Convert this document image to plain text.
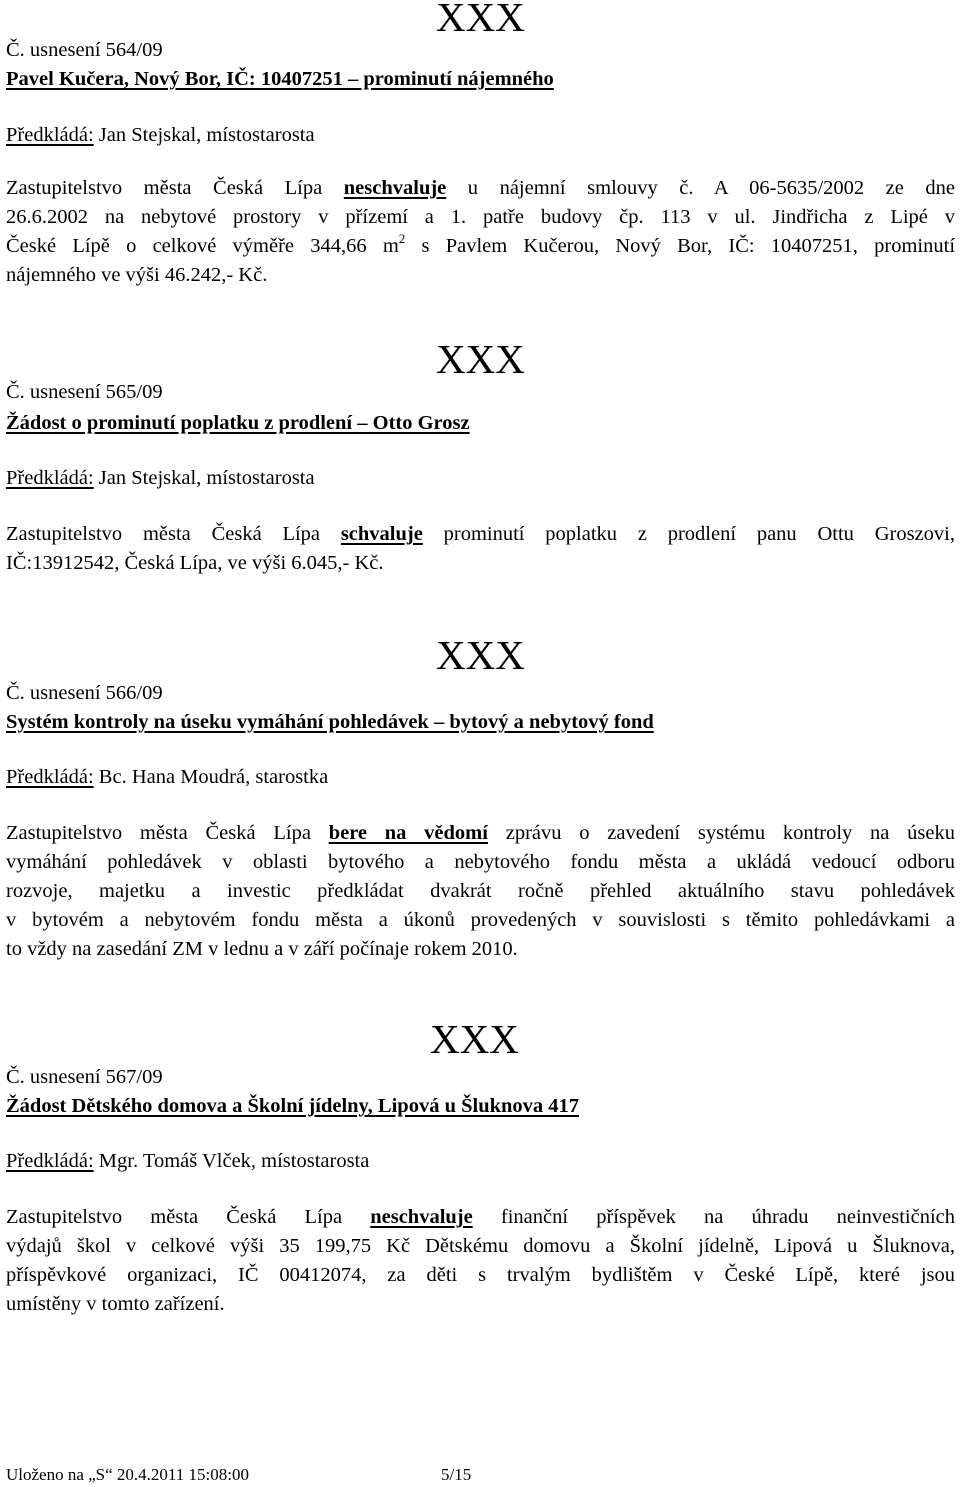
XXX
Č. usnesení 564/09
Pavel Kučera, Nový Bor, IČ: 10407251 – prominutí nájemného
Předkládá: Jan Stejskal, místostarosta
Zastupitelstvo města Česká Lípa neschvaluje u nájemní smlouvy č. A 06-5635/2002 ze dne
26.6.2002 na nebytové prostory v přízemí a 1. patře budovy čp. 113 v ul. Jindřicha z Lipé v
České Lípě o celkové výměře 344,66 $m^2$ s Pavlem Kučerou, Nový Bor, IČ: 10407251, prominutí
nájemného ve výši 46.242,- Kč.
XXX
Č. usnesení 565/09
Žádost o prominutí poplatku z prodlení – Otto Grosz
Předkládá: Jan Stejskal, místostarosta
Zastupitelstvo města Česká Lípa schvaluje prominutí poplatku z prodlení panu Ottu Groszovi,
IČ:13912542, Česká Lípa, ve výši 6.045,- Kč.
XXX
Č. usnesení 566/09
Systém kontroly na úseku vymáhání pohledávek – bytový a nebytový fond
Předkládá: Bc. Hana Moudrá, starostka
Zastupitelstvo města Česká Lípa bere na vědomí zprávu o zavedení systému kontroly na úseku
vymáhání pohledávek v oblasti bytového a nebytového fondu města a ukládá vedoucí odboru
rozvoje, majetku a investic předkládat dvakrát ročně přehled aktuálního stavu pohledávek
v bytovém a nebytovém fondu města a úkonů provedených v souvislosti s těmito pohledávkami a
to vždy na zasedání ZM v lednu a v září počínaje rokem 2010.
XXX
Č. usnesení 567/09
Žádost Dětského domova a Školní jídelny, Lipová u Šluknova 417
Předkládá: Mgr. Tomáš Vlček, místostarosta
Zastupitelstvo města Česká Lípa neschvaluje finanční příspěvek na úhradu neinvestičních
výdajů škol v celkové výši 35 199,75 Kč Dětskému domovu a Školní jídelně, Lipová u Šluknova,
příspěvkové organizaci, IČ 00412074, za děti s trvalým bydlištěm v České Lípě, které jsou
umístěny v tomto zařízení.
Uloženo na „S“ 20.4.2011 15:08:00	5/15
